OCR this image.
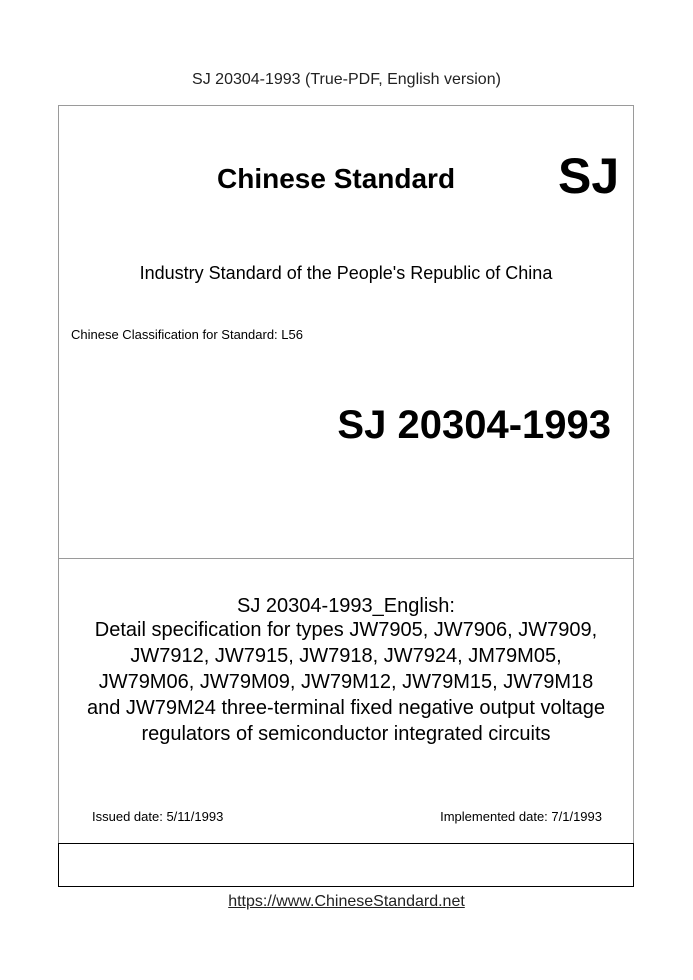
SJ 20304-1993 (True-PDF, English version)
Chinese Standard SJ
Industry Standard of the People's Republic of China
Chinese Classification for Standard: L56
SJ 20304-1993
SJ 20304-1993_English:
Detail specification for types JW7905, JW7906, JW7909,
JW7912, JW7915, JW7918, JW7924, JM79M05,
JW79M06, JW79M09, JW79M12, JW79M15, JW79M18
and JW79M24 three-terminal fixed negative output voltage
regulators of semiconductor integrated circuits
Issued date: 5/11/1993	Implemented date: 7/1/1993
https://www.ChineseStandard.net
